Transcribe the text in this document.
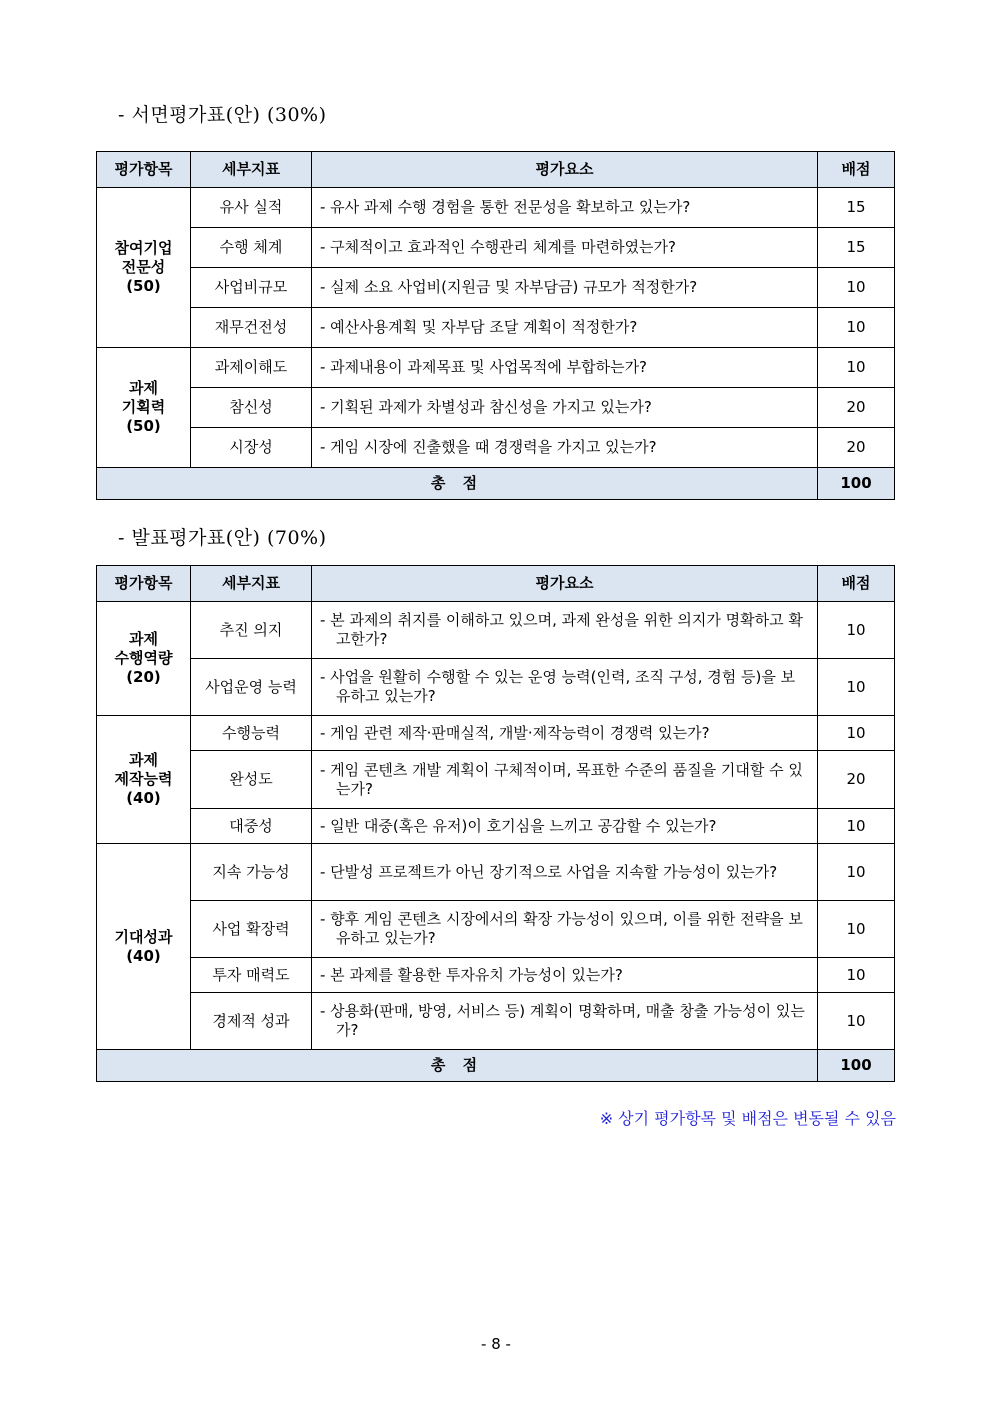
- 서면평가표(안) (30%)
평가항목	세부지표	평가요소	배점
참여기업
전문성
(50)	유사 실적	- 유사 과제 수행 경험을 통한 전문성을 확보하고 있는가?	15
	수행 체계	- 구체적이고 효과적인 수행관리 체계를 마련하였는가?	15
	사업비규모	- 실제 소요 사업비(지원금 및 자부담금) 규모가 적정한가?	10
	재무건전성	- 예산사용계획 및 자부담 조달 계획이 적정한가?	10
과제
기획력
(50)	과제이해도	- 과제내용이 과제목표 및 사업목적에 부합하는가?	10
	참신성	- 기획된 과제가 차별성과 참신성을 가지고 있는가?	20
	시장성	- 게임 시장에 진출했을 때 경쟁력을 가지고 있는가?	20
총 점			100
- 발표평가표(안) (70%)
평가항목	세부지표	평가요소	배점
과제
수행역량
(20)	추진 의지	- 본 과제의 취지를 이해하고 있으며, 과제 완성을 위한 의지가 명확하고 확고한가?	10
	사업운영 능력	- 사업을 원활히 수행할 수 있는 운영 능력(인력, 조직 구성, 경험 등)을 보유하고 있는가?	10
과제
제작능력
(40)	수행능력	- 게임 관련 제작·판매실적, 개발·제작능력이 경쟁력 있는가?	10
	완성도	- 게임 콘텐츠 개발 계획이 구체적이며, 목표한 수준의 품질을 기대할 수 있는가?	20
	대중성	- 일반 대중(혹은 유저)이 호기심을 느끼고 공감할 수 있는가?	10
기대성과
(40)	지속 가능성	- 단발성 프로젝트가 아닌 장기적으로 사업을 지속할 가능성이 있는가?	10
	사업 확장력	- 향후 게임 콘텐츠 시장에서의 확장 가능성이 있으며, 이를 위한 전략을 보유하고 있는가?	10
	투자 매력도	- 본 과제를 활용한 투자유치 가능성이 있는가?	10
	경제적 성과	- 상용화(판매, 방영, 서비스 등) 계획이 명확하며, 매출 창출 가능성이 있는가?	10
총 점			100
※ 상기 평가항목 및 배점은 변동될 수 있음
- 8 -
